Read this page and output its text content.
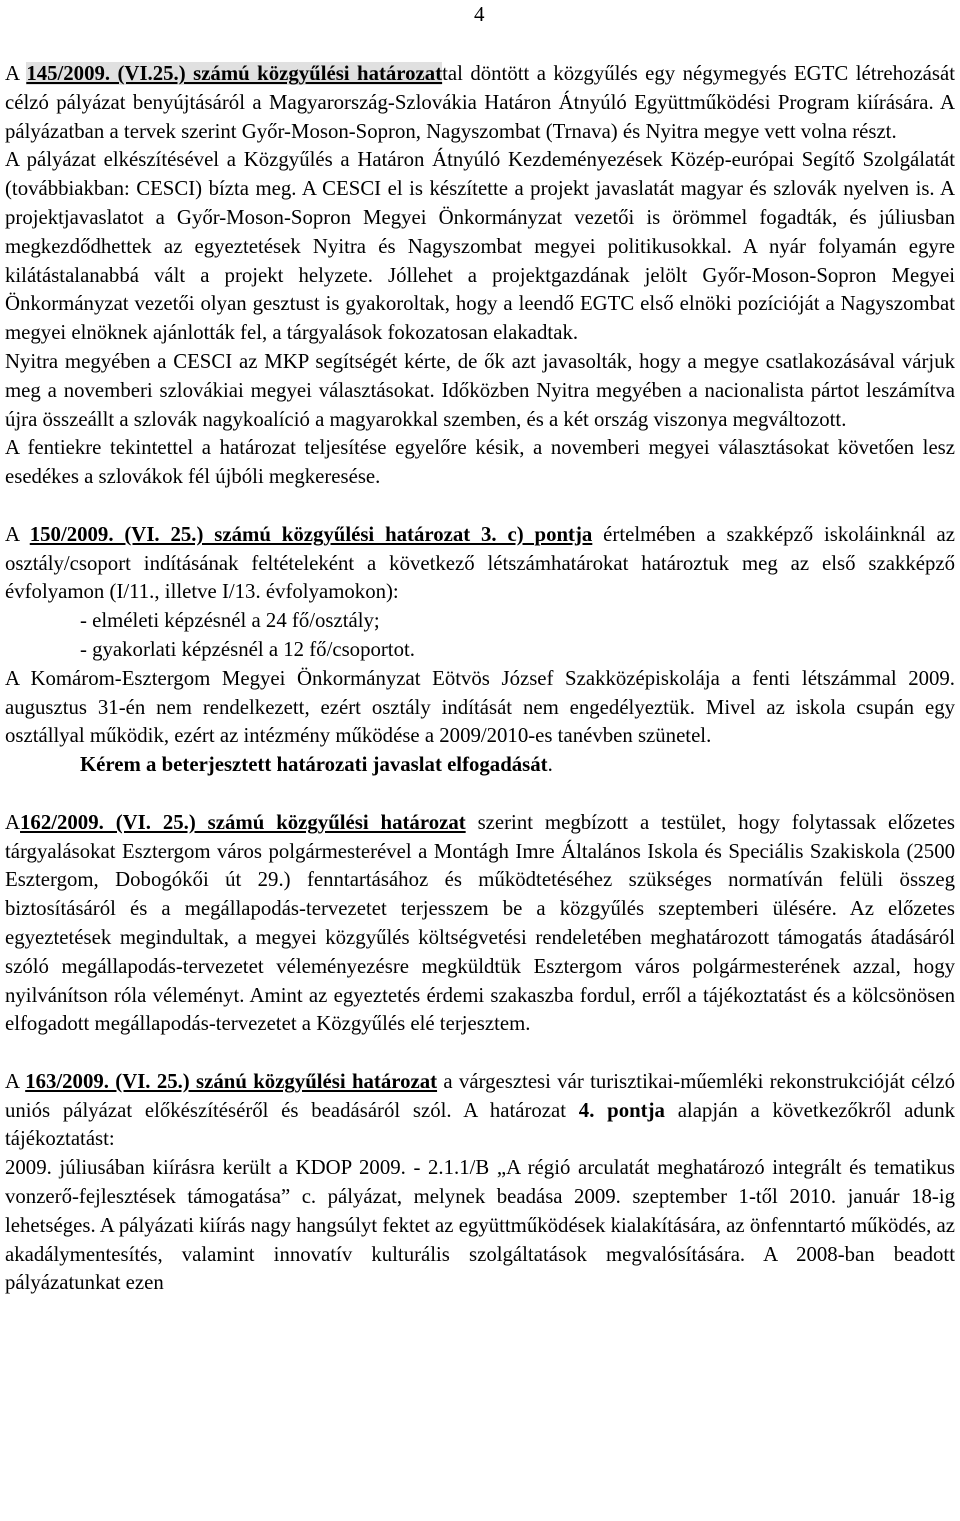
4

A 145/2009. (VI.25.) számú közgyűlési határozattal döntött a közgyűlés egy négymegyés EGTC létrehozását célzó pályázat benyújtásáról a Magyarország-Szlovákia Határon Átnyúló Együttműködési Program kiírására. A pályázatban a tervek szerint Győr-Moson-Sopron, Nagyszombat (Trnava) és Nyitra megye vett volna részt.

A pályázat elkészítésével a Közgyűlés a Határon Átnyúló Kezdeményezések Közép-európai Segítő Szolgálatát (továbbiakban: CESCI) bízta meg. A CESCI el is készítette a projekt javaslatát magyar és szlovák nyelven is. A projektjavaslatot a Győr-Moson-Sopron Megyei Önkormányzat vezetői is örömmel fogadták, és júliusban megkezdődhettek az egyeztetések Nyitra és Nagyszombat megyei politikusokkal. A nyár folyamán egyre kilátástalanabbá vált a projekt helyzete. Jóllehet a projektgazdának jelölt Győr-Moson-Sopron Megyei Önkormányzat vezetői olyan gesztust is gyakoroltak, hogy a leendő EGTC első elnöki pozícióját a Nagyszombat megyei elnöknek ajánlották fel, a tárgyalások fokozatosan elakadtak.

Nyitra megyében a CESCI az MKP segítségét kérte, de ők azt javasolták, hogy a megye csatlakozásával várjuk meg a novemberi szlovákiai megyei választásokat. Időközben Nyitra megyében a nacionalista pártot leszámítva újra összeállt a szlovák nagykoalíció a magyarokkal szemben, és a két ország viszonya megváltozott.

A fentiekre tekintettel a határozat teljesítése egyelőre késik, a novemberi megyei választásokat követően lesz esedékes a szlovákok fél újbóli megkeresése.

A 150/2009. (VI. 25.) számú közgyűlési határozat 3. c) pontja értelmében a szakképző iskoláinknál az osztály/csoport indításának feltételeként a következő létszámhatárokat határoztuk meg az első szakképző évfolyamon (I/11., illetve I/13. évfolyamokon):

- elméleti képzésnél a 24 fő/osztály;

- gyakorlati képzésnél a 12 fő/csoportot.

A Komárom-Esztergom Megyei Önkormányzat Eötvös József Szakközépiskolája a fenti létszámmal 2009. augusztus 31-én nem rendelkezett, ezért osztály indítását nem engedélyeztük. Mivel az iskola csupán egy osztállyal működik, ezért az intézmény működése a 2009/2010-es tanévben szünetel.

Kérem a beterjesztett határozati javaslat elfogadását.

A162/2009. (VI. 25.) számú közgyűlési határozat szerint megbízott a testület, hogy folytassak előzetes tárgyalásokat Esztergom város polgármesterével a Montágh Imre Általános Iskola és Speciális Szakiskola (2500 Esztergom, Dobogókői út 29.) fenntartásához és működtetéséhez szükséges normatíván felüli összeg biztosításáról és a megállapodás-tervezetet terjesszem be a közgyűlés szeptemberi ülésére. Az előzetes egyeztetések megindultak, a megyei közgyűlés költségvetési rendeletében meghatározott támogatás átadásáról szóló megállapodás-tervezetet véleményezésre megküldtük Esztergom város polgármesterének azzal, hogy nyilvánítson róla véleményt. Amint az egyeztetés érdemi szakaszba fordul, erről a tájékoztatást és a kölcsönösen elfogadott megállapodás-tervezetet a Közgyűlés elé terjesztem.

A 163/2009. (VI. 25.) szánú közgyűlési határozat a várgesztesi vár turisztikai-műemléki rekonstrukcióját célzó uniós pályázat előkészítéséről és beadásáról szól. A határozat 4. pontja alapján a következőkről adunk tájékoztatást:

2009. júliusában kiírásra került a KDOP 2009. - 2.1.1/B „A régió arculatát meghatározó integrált és tematikus vonzerő-fejlesztések támogatása” c. pályázat, melynek beadása 2009. szeptember 1-től 2010. január 18-ig lehetséges. A pályázati kiírás nagy hangsúlyt fektet az együttműködések kialakítására, az önfenntartó működés, az akadálymentesítés, valamint innovatív kulturális szolgáltatások megvalósítására. A 2008-ban beadott pályázatunkat ezen
